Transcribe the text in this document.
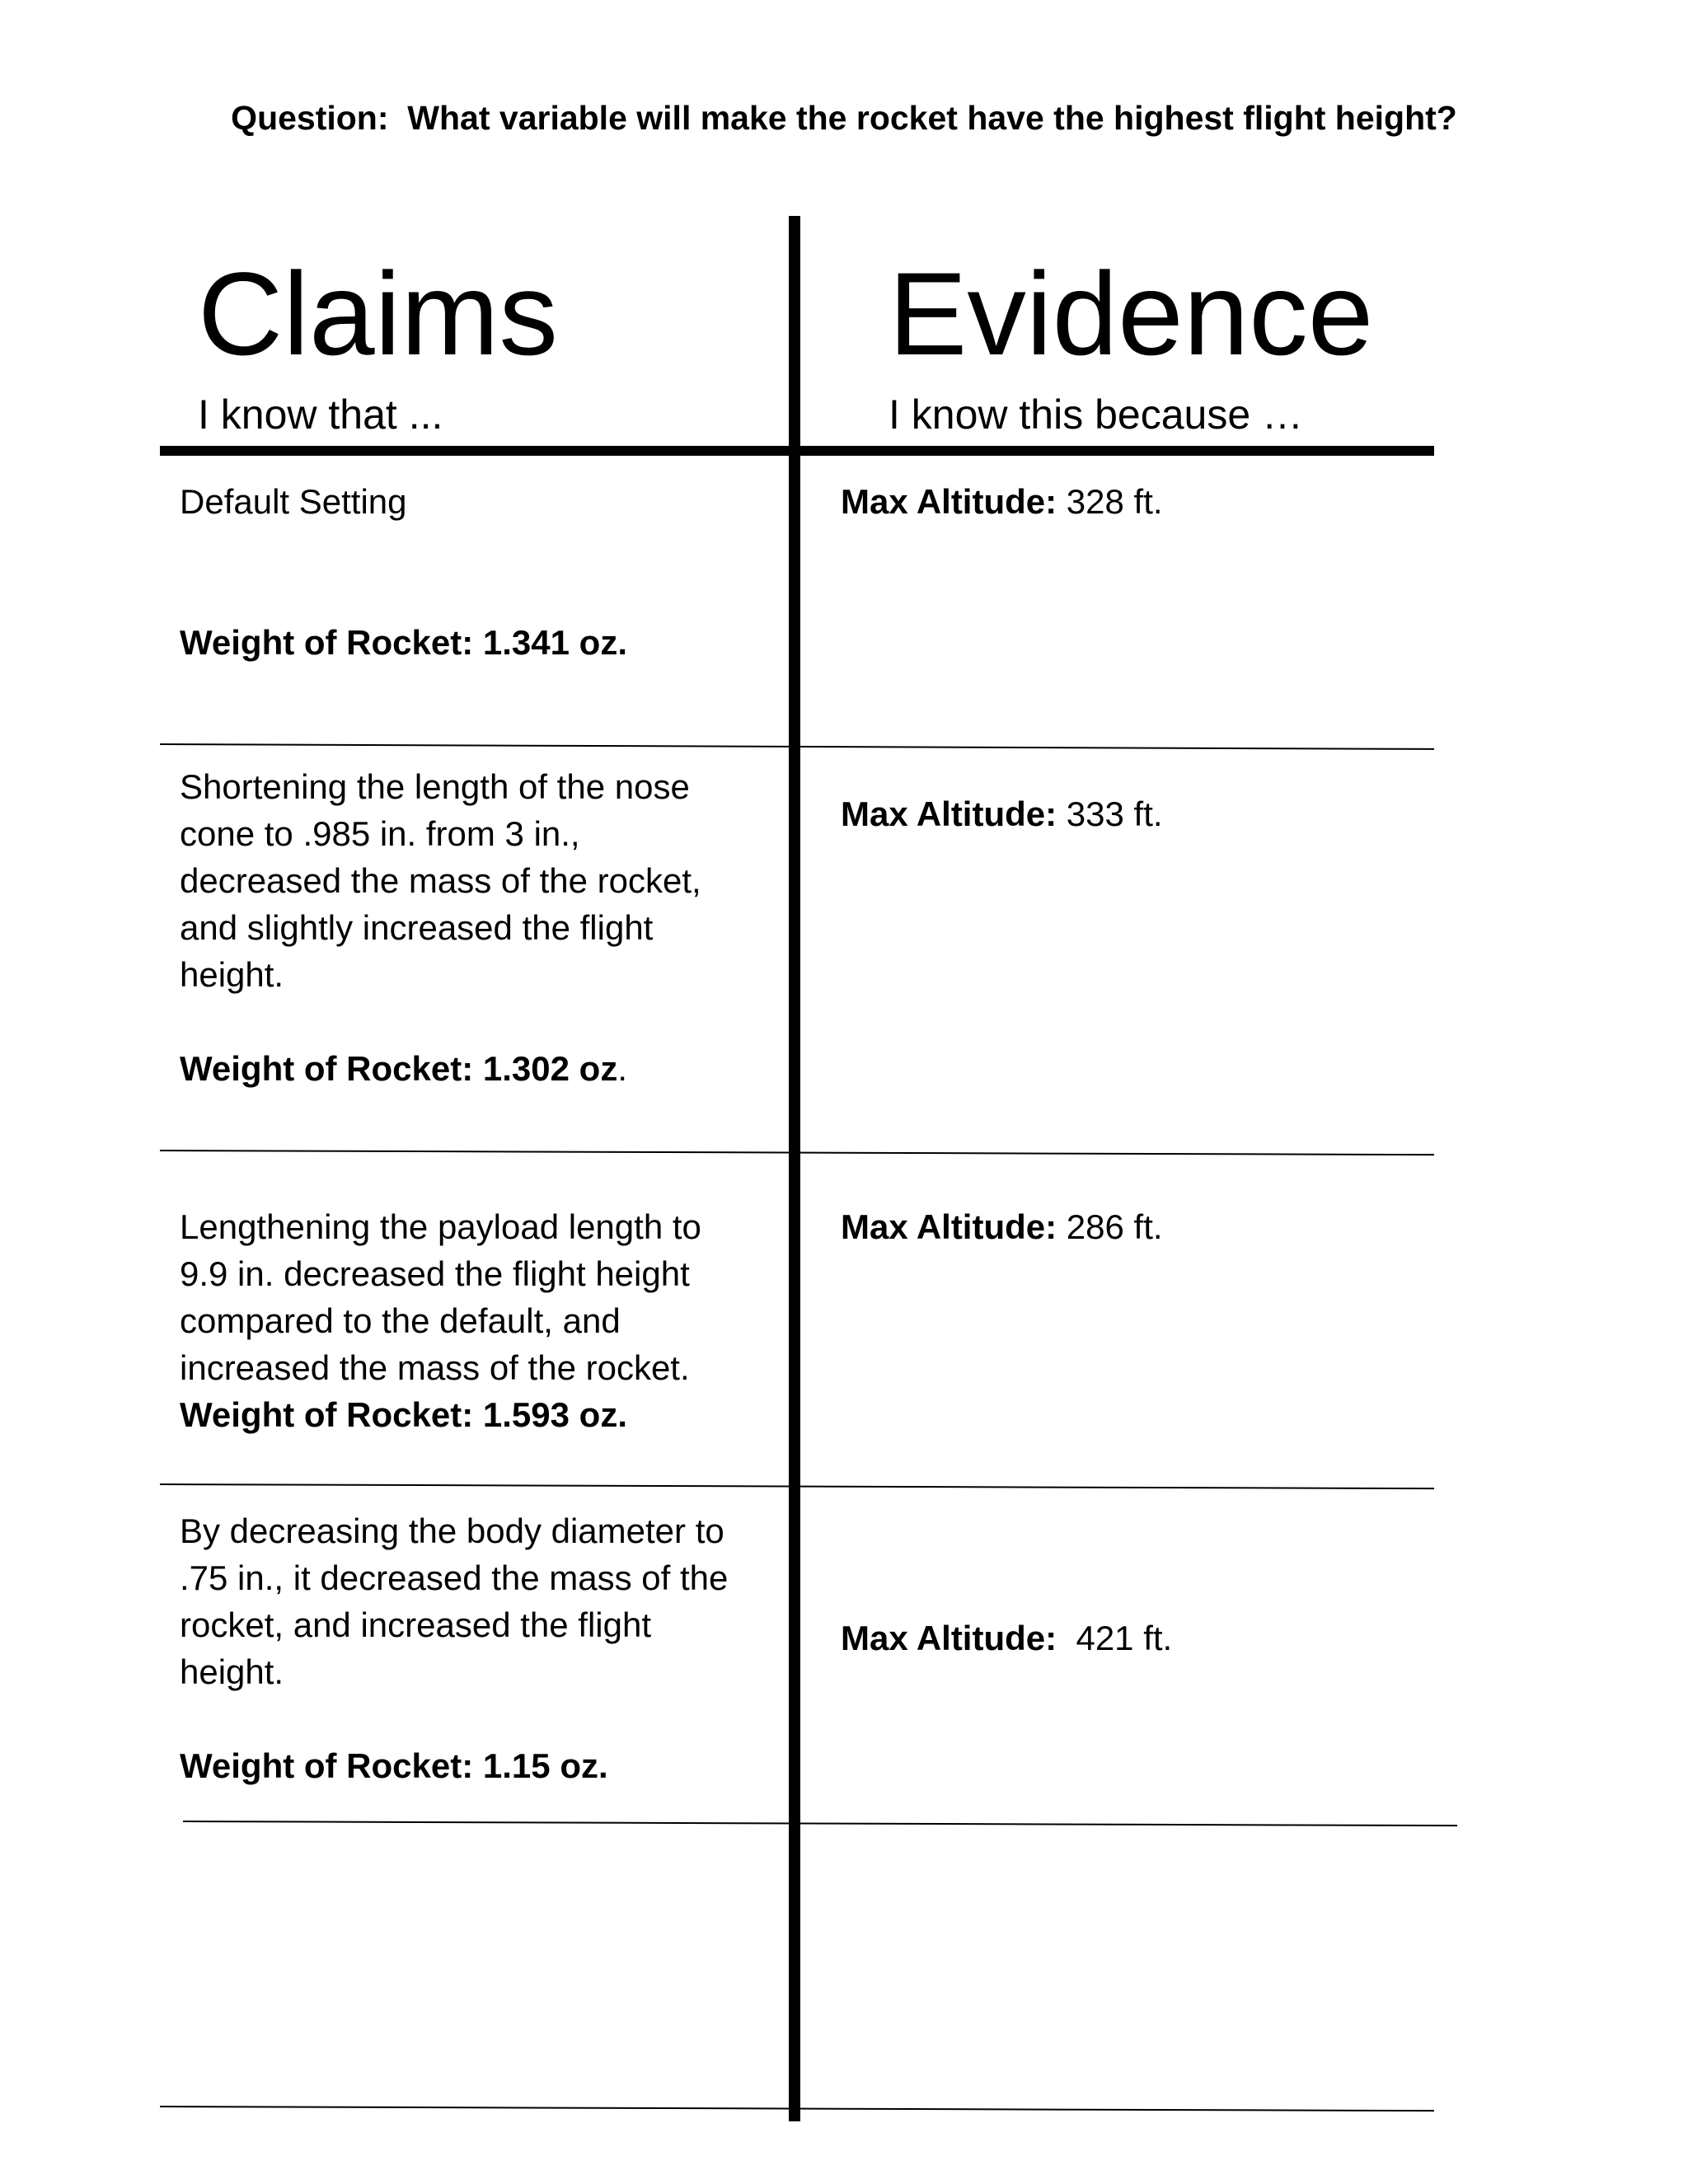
Question: What variable will make the rocket have the highest flight height?
Claims
I know that ...
Evidence
I know this because …

Default Setting

Weight of Rocket: 1.341 oz.

Max Altitude: 328 ft.

Shortening the length of the nose

cone to .985 in. from 3 in.,

decreased the mass of the rocket,

and slightly increased the flight

height.

Weight of Rocket: 1.302 oz.

Max Altitude: 333 ft.

Lengthening the payload length to

9.9 in. decreased the flight height

compared to the default, and

increased the mass of the rocket.

Weight of Rocket: 1.593 oz.

Max Altitude: 286 ft.

By decreasing the body diameter to

.75 in., it decreased the mass of the

rocket, and increased the flight

height.

Weight of Rocket: 1.15 oz.

Max Altitude: 421 ft.
